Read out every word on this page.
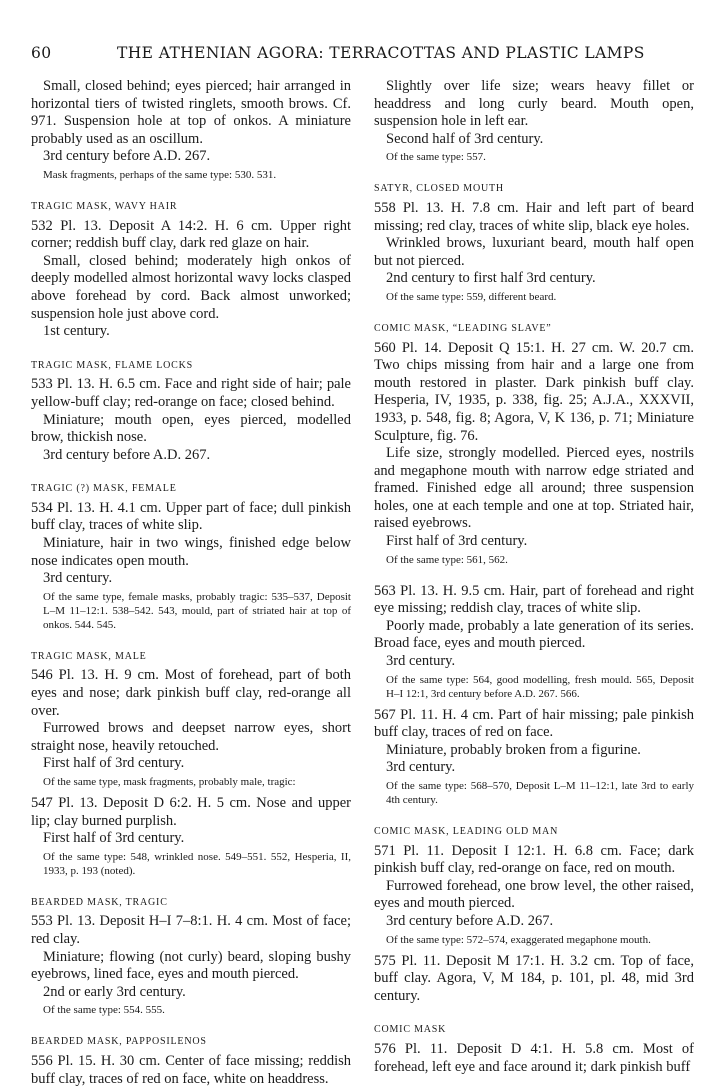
60	THE ATHENIAN AGORA: TERRACOTTAS AND PLASTIC LAMPS

Small, closed behind; eyes pierced; hair arranged in horizontal tiers of twisted ringlets, smooth brows. Cf. 971. Suspension hole at top of onkos. A miniature probably used as an oscillum.

3rd century before A.D. 267.

Mask fragments, perhaps of the same type: 530. 531.
TRAGIC MASK, WAVY HAIR

532 Pl. 13. Deposit A 14:2. H. 6 cm. Upper right corner; reddish buff clay, dark red glaze on hair.

Small, closed behind; moderately high onkos of deeply modelled almost horizontal wavy locks clasped above forehead by cord. Back almost unworked; suspension hole just above cord.

1st century.

TRAGIC MASK, FLAME LOCKS

533 Pl. 13. H. 6.5 cm. Face and right side of hair; pale yellow-buff clay; red-orange on face; closed behind.

Miniature; mouth open, eyes pierced, modelled brow, thickish nose.

3rd century before A.D. 267.

TRAGIC (?) MASK, FEMALE

534 Pl. 13. H. 4.1 cm. Upper part of face; dull pinkish buff clay, traces of white slip.

Miniature, hair in two wings, finished edge below nose indicates open mouth.

3rd century.

Of the same type, female masks, probably tragic: 535–537, Deposit L–M 11–12:1. 538–542. 543, mould, part of striated hair at top of onkos. 544. 545.
TRAGIC MASK, MALE

546 Pl. 13. H. 9 cm. Most of forehead, part of both eyes and nose; dark pinkish buff clay, red-orange all over.

Furrowed brows and deepset narrow eyes, short straight nose, heavily retouched.

First half of 3rd century.

Of the same type, mask fragments, probably male, tragic:

547 Pl. 13. Deposit D 6:2. H. 5 cm. Nose and upper lip; clay burned purplish.

First half of 3rd century.

Of the same type: 548, wrinkled nose. 549–551. 552, Hesperia, II, 1933, p. 193 (noted).
BEARDED MASK, TRAGIC

553 Pl. 13. Deposit H–I 7–8:1. H. 4 cm. Most of face; red clay.

Miniature; flowing (not curly) beard, sloping bushy eyebrows, lined face, eyes and mouth pierced.

2nd or early 3rd century.

Of the same type: 554. 555.
BEARDED MASK, PAPPOSILENOS

556 Pl. 15. H. 30 cm. Center of face missing; reddish buff clay, traces of red on face, white on headdress.

Slightly over life size; wears heavy fillet or headdress and long curly beard. Mouth open, suspension hole in left ear.

Second half of 3rd century.

Of the same type: 557.
SATYR, CLOSED MOUTH

558 Pl. 13. H. 7.8 cm. Hair and left part of beard missing; red clay, traces of white slip, black eye holes.

Wrinkled brows, luxuriant beard, mouth half open but not pierced.

2nd century to first half 3rd century.

Of the same type: 559, different beard.
COMIC MASK, “LEADING SLAVE”

560 Pl. 14. Deposit Q 15:1. H. 27 cm. W. 20.7 cm. Two chips missing from hair and a large one from mouth restored in plaster. Dark pinkish buff clay. Hesperia, IV, 1935, p. 338, fig. 25; A.J.A., XXXVII, 1933, p. 548, fig. 8; Agora, V, K 136, p. 71; Miniature Sculpture, fig. 76.

Life size, strongly modelled. Pierced eyes, nostrils and megaphone mouth with narrow edge striated and framed. Finished edge all around; three suspension holes, one at each temple and one at top. Striated hair, raised eyebrows.

First half of 3rd century.

Of the same type: 561, 562.

563 Pl. 13. H. 9.5 cm. Hair, part of forehead and right eye missing; reddish clay, traces of white slip.

Poorly made, probably a late generation of its series. Broad face, eyes and mouth pierced.

3rd century.

Of the same type: 564, good modelling, fresh mould. 565, Deposit H–I 12:1, 3rd century before A.D. 267. 566.

567 Pl. 11. H. 4 cm. Part of hair missing; pale pinkish buff clay, traces of red on face.

Miniature, probably broken from a figurine.

3rd century.

Of the same type: 568–570, Deposit L–M 11–12:1, late 3rd to early 4th century.
COMIC MASK, LEADING OLD MAN

571 Pl. 11. Deposit I 12:1. H. 6.8 cm. Face; dark pinkish buff clay, red-orange on face, red on mouth.

Furrowed forehead, one brow level, the other raised, eyes and mouth pierced.

3rd century before A.D. 267.

Of the same type: 572–574, exaggerated megaphone mouth.

575 Pl. 11. Deposit M 17:1. H. 3.2 cm. Top of face, buff clay. Agora, V, M 184, p. 101, pl. 48, mid 3rd century.

COMIC MASK

576 Pl. 11. Deposit D 4:1. H. 5.8 cm. Most of forehead, left eye and face around it; dark pinkish buff
